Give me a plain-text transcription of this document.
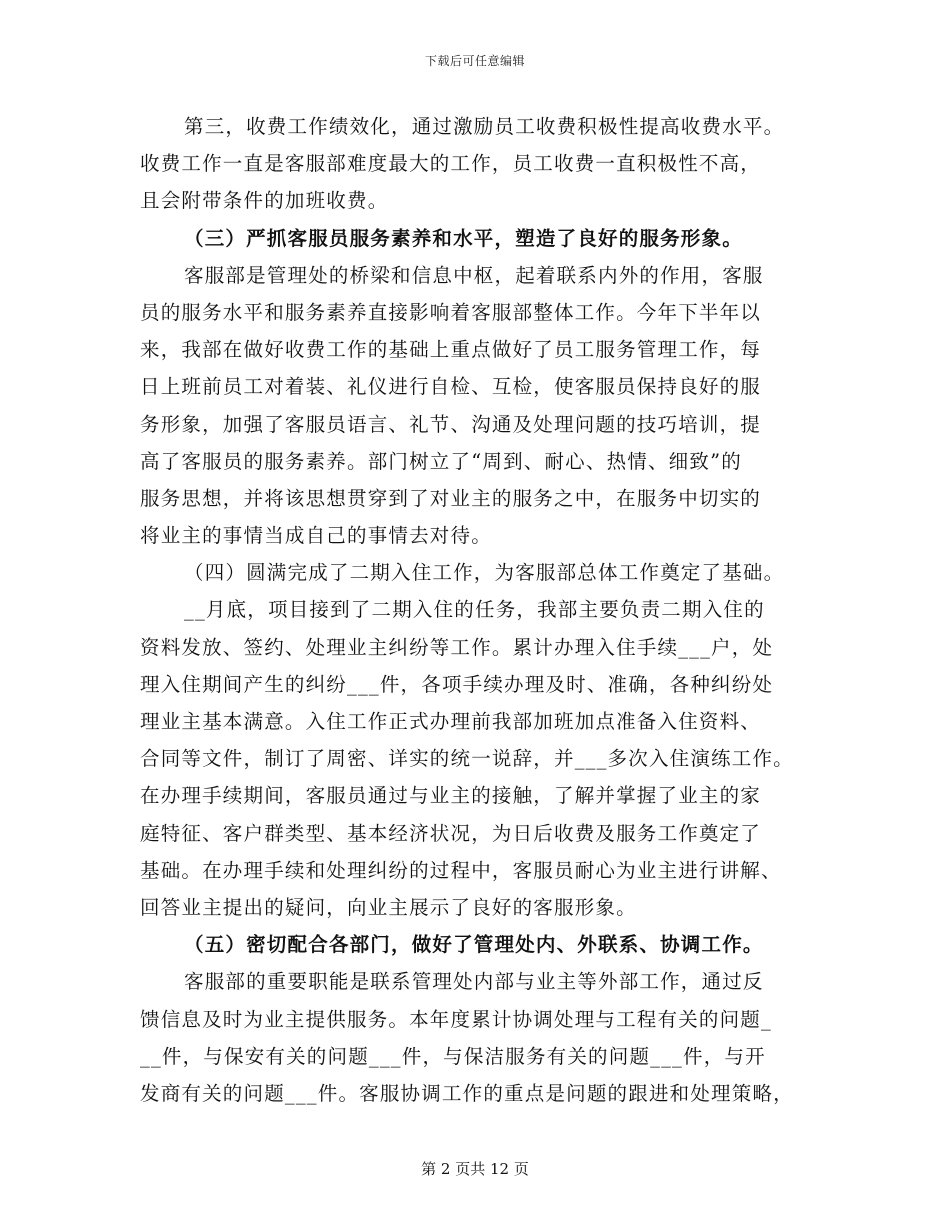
下载后可任意编辑
第三，收费工作绩效化，通过激励员工收费积极性提高收费水平。
收费工作一直是客服部难度最大的工作，员工收费一直积极性不高，
且会附带条件的加班收费。
（三）严抓客服员服务素养和水平，塑造了良好的服务形象。
客服部是管理处的桥梁和信息中枢，起着联系内外的作用，客服
员的服务水平和服务素养直接影响着客服部整体工作。今年下半年以
来，我部在做好收费工作的基础上重点做好了员工服务管理工作，每
日上班前员工对着装、礼仪进行自检、互检，使客服员保持良好的服
务形象，加强了客服员语言、礼节、沟通及处理问题的技巧培训，提
高了客服员的服务素养。部门树立了“周到、耐心、热情、细致”的
服务思想，并将该思想贯穿到了对业主的服务之中，在服务中切实的
将业主的事情当成自己的事情去对待。
（四）圆满完成了二期入住工作，为客服部总体工作奠定了基础。
__月底，项目接到了二期入住的任务，我部主要负责二期入住的
资料发放、签约、处理业主纠纷等工作。累计办理入住手续___户，处
理入住期间产生的纠纷___件，各项手续办理及时、准确，各种纠纷处
理业主基本满意。入住工作正式办理前我部加班加点准备入住资料、
合同等文件，制订了周密、详实的统一说辞，并___多次入住演练工作。
在办理手续期间，客服员通过与业主的接触，了解并掌握了业主的家
庭特征、客户群类型、基本经济状况，为日后收费及服务工作奠定了
基础。在办理手续和处理纠纷的过程中，客服员耐心为业主进行讲解、
回答业主提出的疑问，向业主展示了良好的客服形象。
（五）密切配合各部门，做好了管理处内、外联系、协调工作。
客服部的重要职能是联系管理处内部与业主等外部工作，通过反
馈信息及时为业主提供服务。本年度累计协调处理与工程有关的问题_
__件，与保安有关的问题___件，与保洁服务有关的问题___件，与开
发商有关的问题___件。客服协调工作的重点是问题的跟进和处理策略，
第 2 页共 12 页
